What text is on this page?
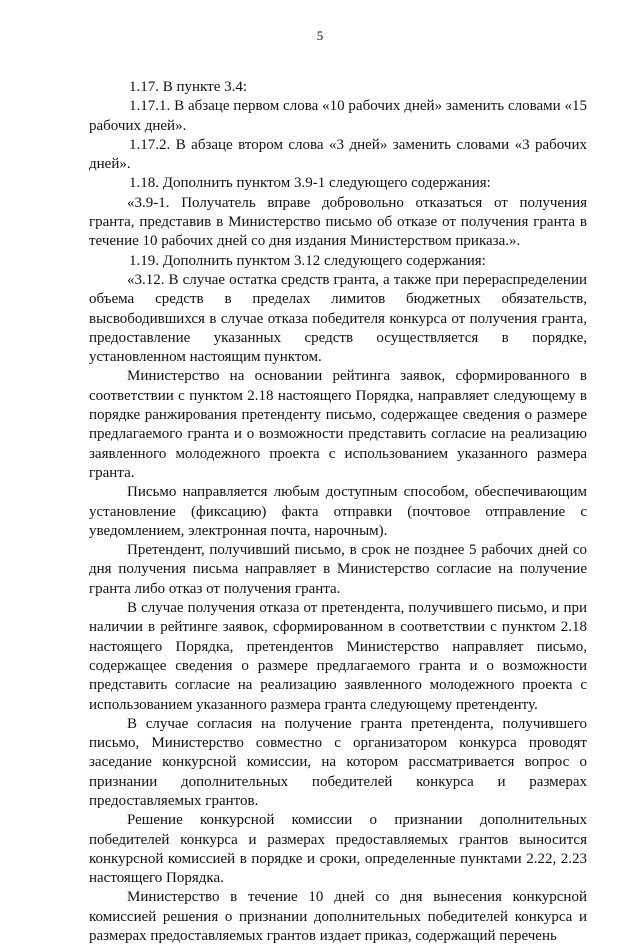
5

1.17. В пункте 3.4:

1.17.1. В абзаце первом слова «10 рабочих дней» заменить словами «15 рабочих дней».

1.17.2. В абзаце втором слова «3 дней» заменить словами «3 рабочих дней».

1.18. Дополнить пунктом 3.9-1 следующего содержания:

«3.9-1. Получатель вправе добровольно отказаться от получения гранта, представив в Министерство письмо об отказе от получения гранта в течение 10 рабочих дней со дня издания Министерством приказа.».

1.19. Дополнить пунктом 3.12 следующего содержания:

«3.12. В случае остатка средств гранта, а также при перераспределении объема средств в пределах лимитов бюджетных обязательств, высвободившихся в случае отказа победителя конкурса от получения гранта, предоставление указанных средств осуществляется в порядке, установленном настоящим пунктом.

Министерство на основании рейтинга заявок, сформированного в соответствии с пунктом 2.18 настоящего Порядка, направляет следующему в порядке ранжирования претенденту письмо, содержащее сведения о размере предлагаемого гранта и о возможности представить согласие на реализацию заявленного молодежного проекта с использованием указанного размера гранта.

Письмо направляется любым доступным способом, обеспечивающим установление (фиксацию) факта отправки (почтовое отправление с уведомлением, электронная почта, нарочным).

Претендент, получивший письмо, в срок не позднее 5 рабочих дней со дня получения письма направляет в Министерство согласие на получение гранта либо отказ от получения гранта.

В случае получения отказа от претендента, получившего письмо, и при наличии в рейтинге заявок, сформированном в соответствии с пунктом 2.18 настоящего Порядка, претендентов Министерство направляет письмо, содержащее сведения о размере предлагаемого гранта и о возможности представить согласие на реализацию заявленного молодежного проекта с использованием указанного размера гранта следующему претенденту.

В случае согласия на получение гранта претендента, получившего письмо, Министерство совместно с организатором конкурса проводят заседание конкурсной комиссии, на котором рассматривается вопрос о признании дополнительных победителей конкурса и размерах предоставляемых грантов.

Решение конкурсной комиссии о признании дополнительных победителей конкурса и размерах предоставляемых грантов выносится конкурсной комиссией в порядке и сроки, определенные пунктами 2.22, 2.23 настоящего Порядка.

Министерство в течение 10 дней со дня вынесения конкурсной комиссией решения о признании дополнительных победителей конкурса и размерах предоставляемых грантов издает приказ, содержащий перечень
